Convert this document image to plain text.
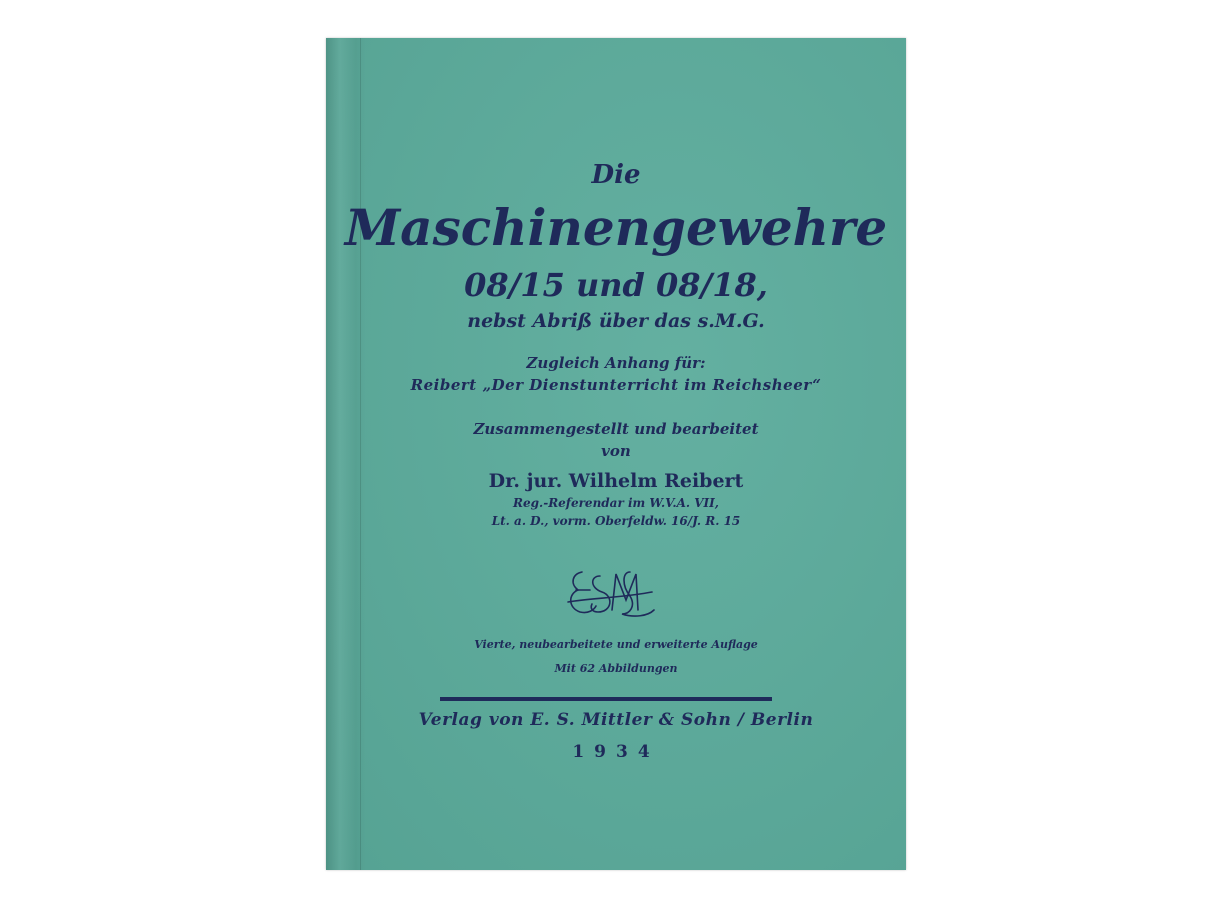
Die
Maschinengewehre
08/15 und 08/18,
nebst Abriß über das s.M.G.
Zugleich Anhang für:
Reibert „Der Dienstunterricht im Reichsheer“
Zusammengestellt und bearbeitet
von
Dr. jur. Wilhelm Reibert
Reg.-Referendar im W.V.A. VII,
Lt. a. D., vorm. Oberfeldw. 16/J. R. 15
Vierte, neubearbeitete und erweiterte Auflage
Mit 62 Abbildungen
Verlag von E. S. Mittler & Sohn / Berlin
1934
